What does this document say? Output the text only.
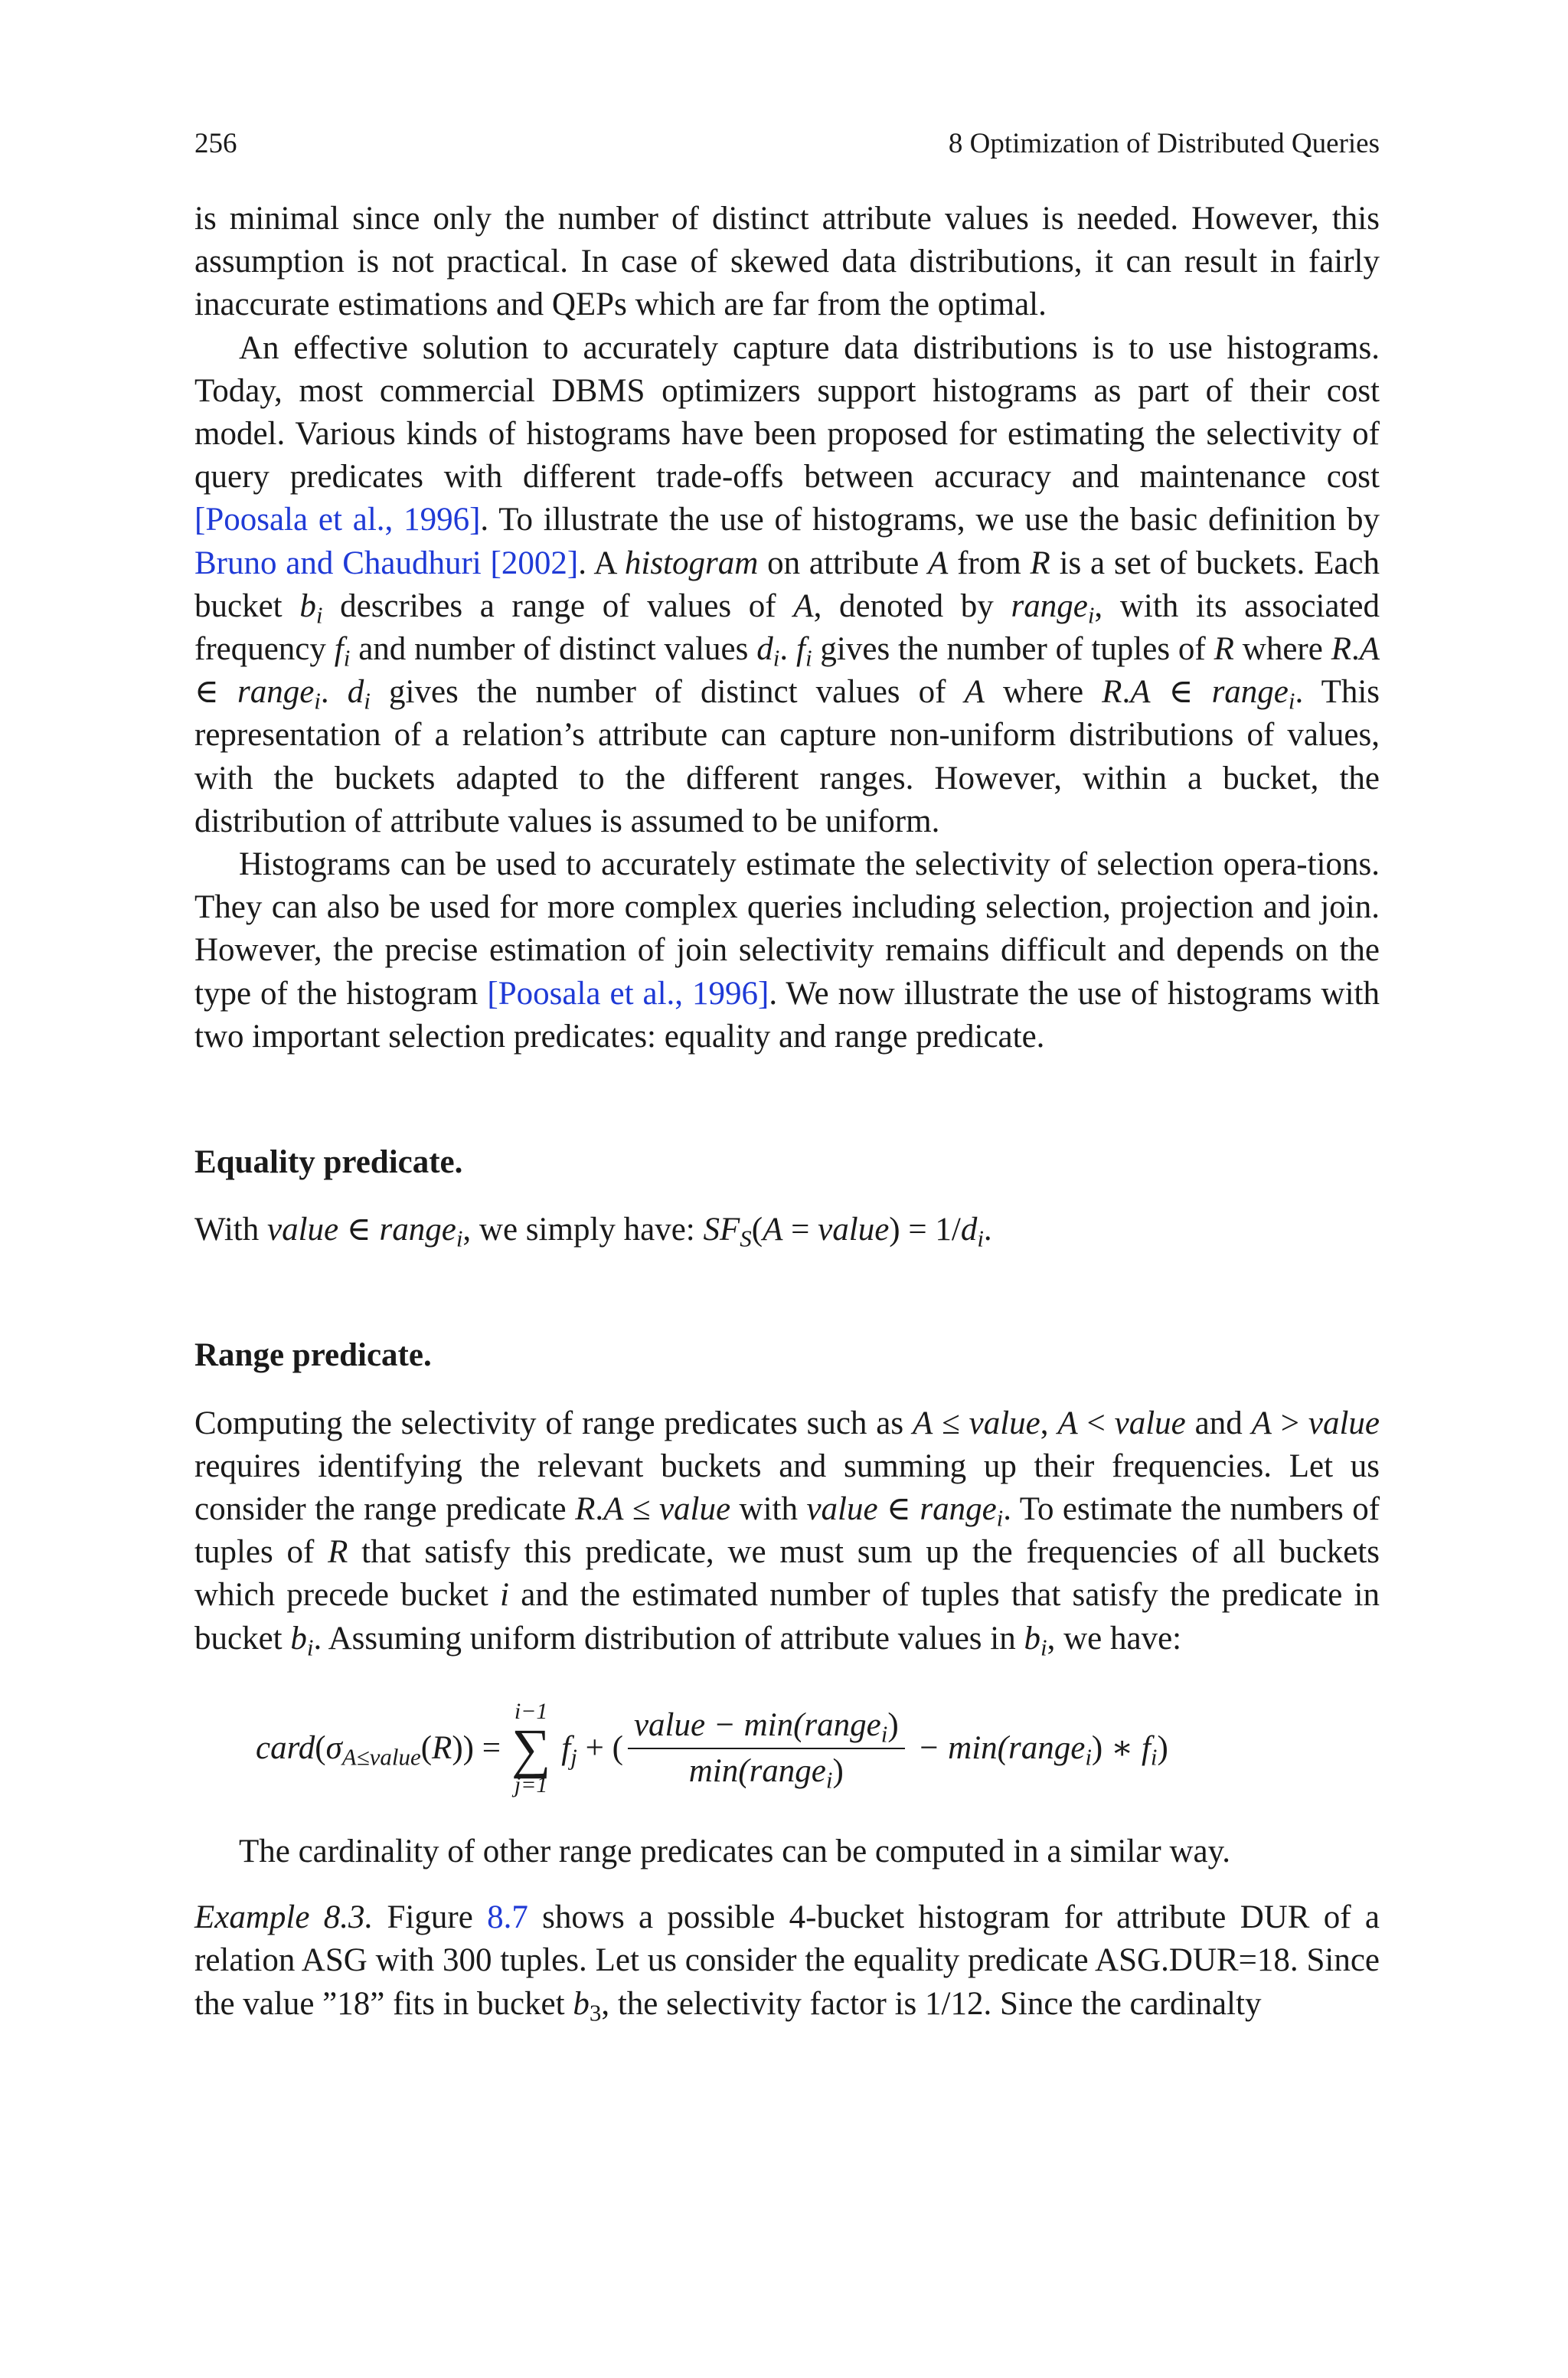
256	8 Optimization of Distributed Queries

is minimal since only the number of distinct attribute values is needed. However, this assumption is not practical. In case of skewed data distributions, it can result in fairly inaccurate estimations and QEPs which are far from the optimal.

An effective solution to accurately capture data distributions is to use histograms. Today, most commercial DBMS optimizers support histograms as part of their cost model. Various kinds of histograms have been proposed for estimating the selectivity of query predicates with different trade-offs between accuracy and maintenance cost [Poosala et al., 1996]. To illustrate the use of histograms, we use the basic definition by Bruno and Chaudhuri [2002]. A histogram on attribute A from R is a set of buckets. Each bucket $b_i$ describes a range of values of A, denoted by range$_i$, with its associated frequency $f_i$ and number of distinct values $d_i$. $f_i$ gives the number of tuples of R where R.A ∈ range$_i$. $d_i$ gives the number of distinct values of A where R.A ∈ range$_i$. This representation of a relation’s attribute can capture non-uniform distributions of values, with the buckets adapted to the different ranges. However, within a bucket, the distribution of attribute values is assumed to be uniform.

Histograms can be used to accurately estimate the selectivity of selection opera-tions. They can also be used for more complex queries including selection, projection and join. However, the precise estimation of join selectivity remains difficult and depends on the type of the histogram [Poosala et al., 1996]. We now illustrate the use of histograms with two important selection predicates: equality and range predicate.

Equality predicate.

With value ∈ range$_i$, we simply have: $SF_S(A$ = value) = $1/d_i$.

Range predicate.

Computing the selectivity of range predicates such as A ≤ value, A < value and A > value requires identifying the relevant buckets and summing up their frequencies. Let us consider the range predicate R.A ≤ value with value ∈ range$_i$. To estimate the numbers of tuples of R that satisfy this predicate, we must sum up the frequencies of all buckets which precede bucket i and the estimated number of tuples that satisfy the predicate in bucket $b_i$. Assuming uniform distribution of attribute values in $b_i$, we have:

card ( $\sigma_{A\le value}$ ( R )) =
i−1
∑
j=1
$f_j$ + ( $\frac{value - \min(range_i)}{\min(range_i)}$ − min(range$_i$) ∗ $f_i$)

The cardinality of other range predicates can be computed in a similar way.

Example 8.3. Figure 8.7 shows a possible 4-bucket histogram for attribute DUR of a relation ASG with 300 tuples. Let us consider the equality predicate ASG.DUR=18. Since the value ”18” fits in bucket $b_3$, the selectivity factor is 1/12. Since the cardinalty
